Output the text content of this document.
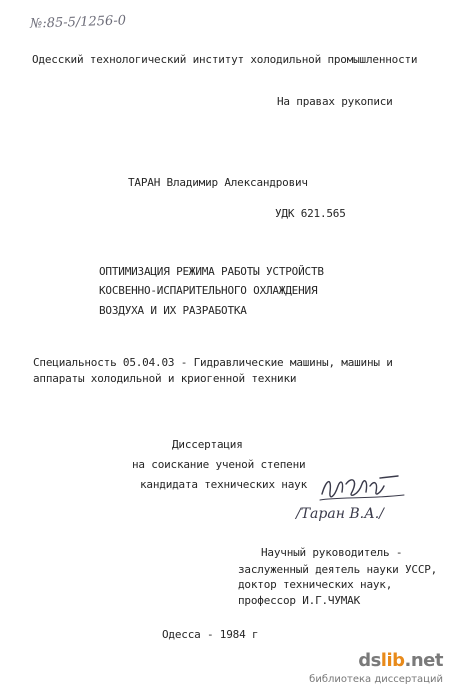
№:85-5/1256-0
Одесский технологический институт холодильной промышленности
На правах рукописи
ТАРАН Владимир Александрович
УДК 621.565
ОПТИМИЗАЦИЯ РЕЖИМА РАБОТЫ УСТРОЙСТВ
КОСВЕННО-ИСПАРИТЕЛЬНОГО ОХЛАЖДЕНИЯ
ВОЗДУХА И ИХ РАЗРАБОТКА
Специальность 05.04.03 - Гидравлические машины, машины и
аппараты холодильной и криогенной техники
Диссертация
на соискание ученой степени
кандидата технических наук
/Таран В.А./
Научный руководитель -
заслуженный деятель науки УССР,
доктор технических наук,
профессор И.Г.ЧУМАК
Одесса - 1984 г
dslib.net
библиотека диссертаций
